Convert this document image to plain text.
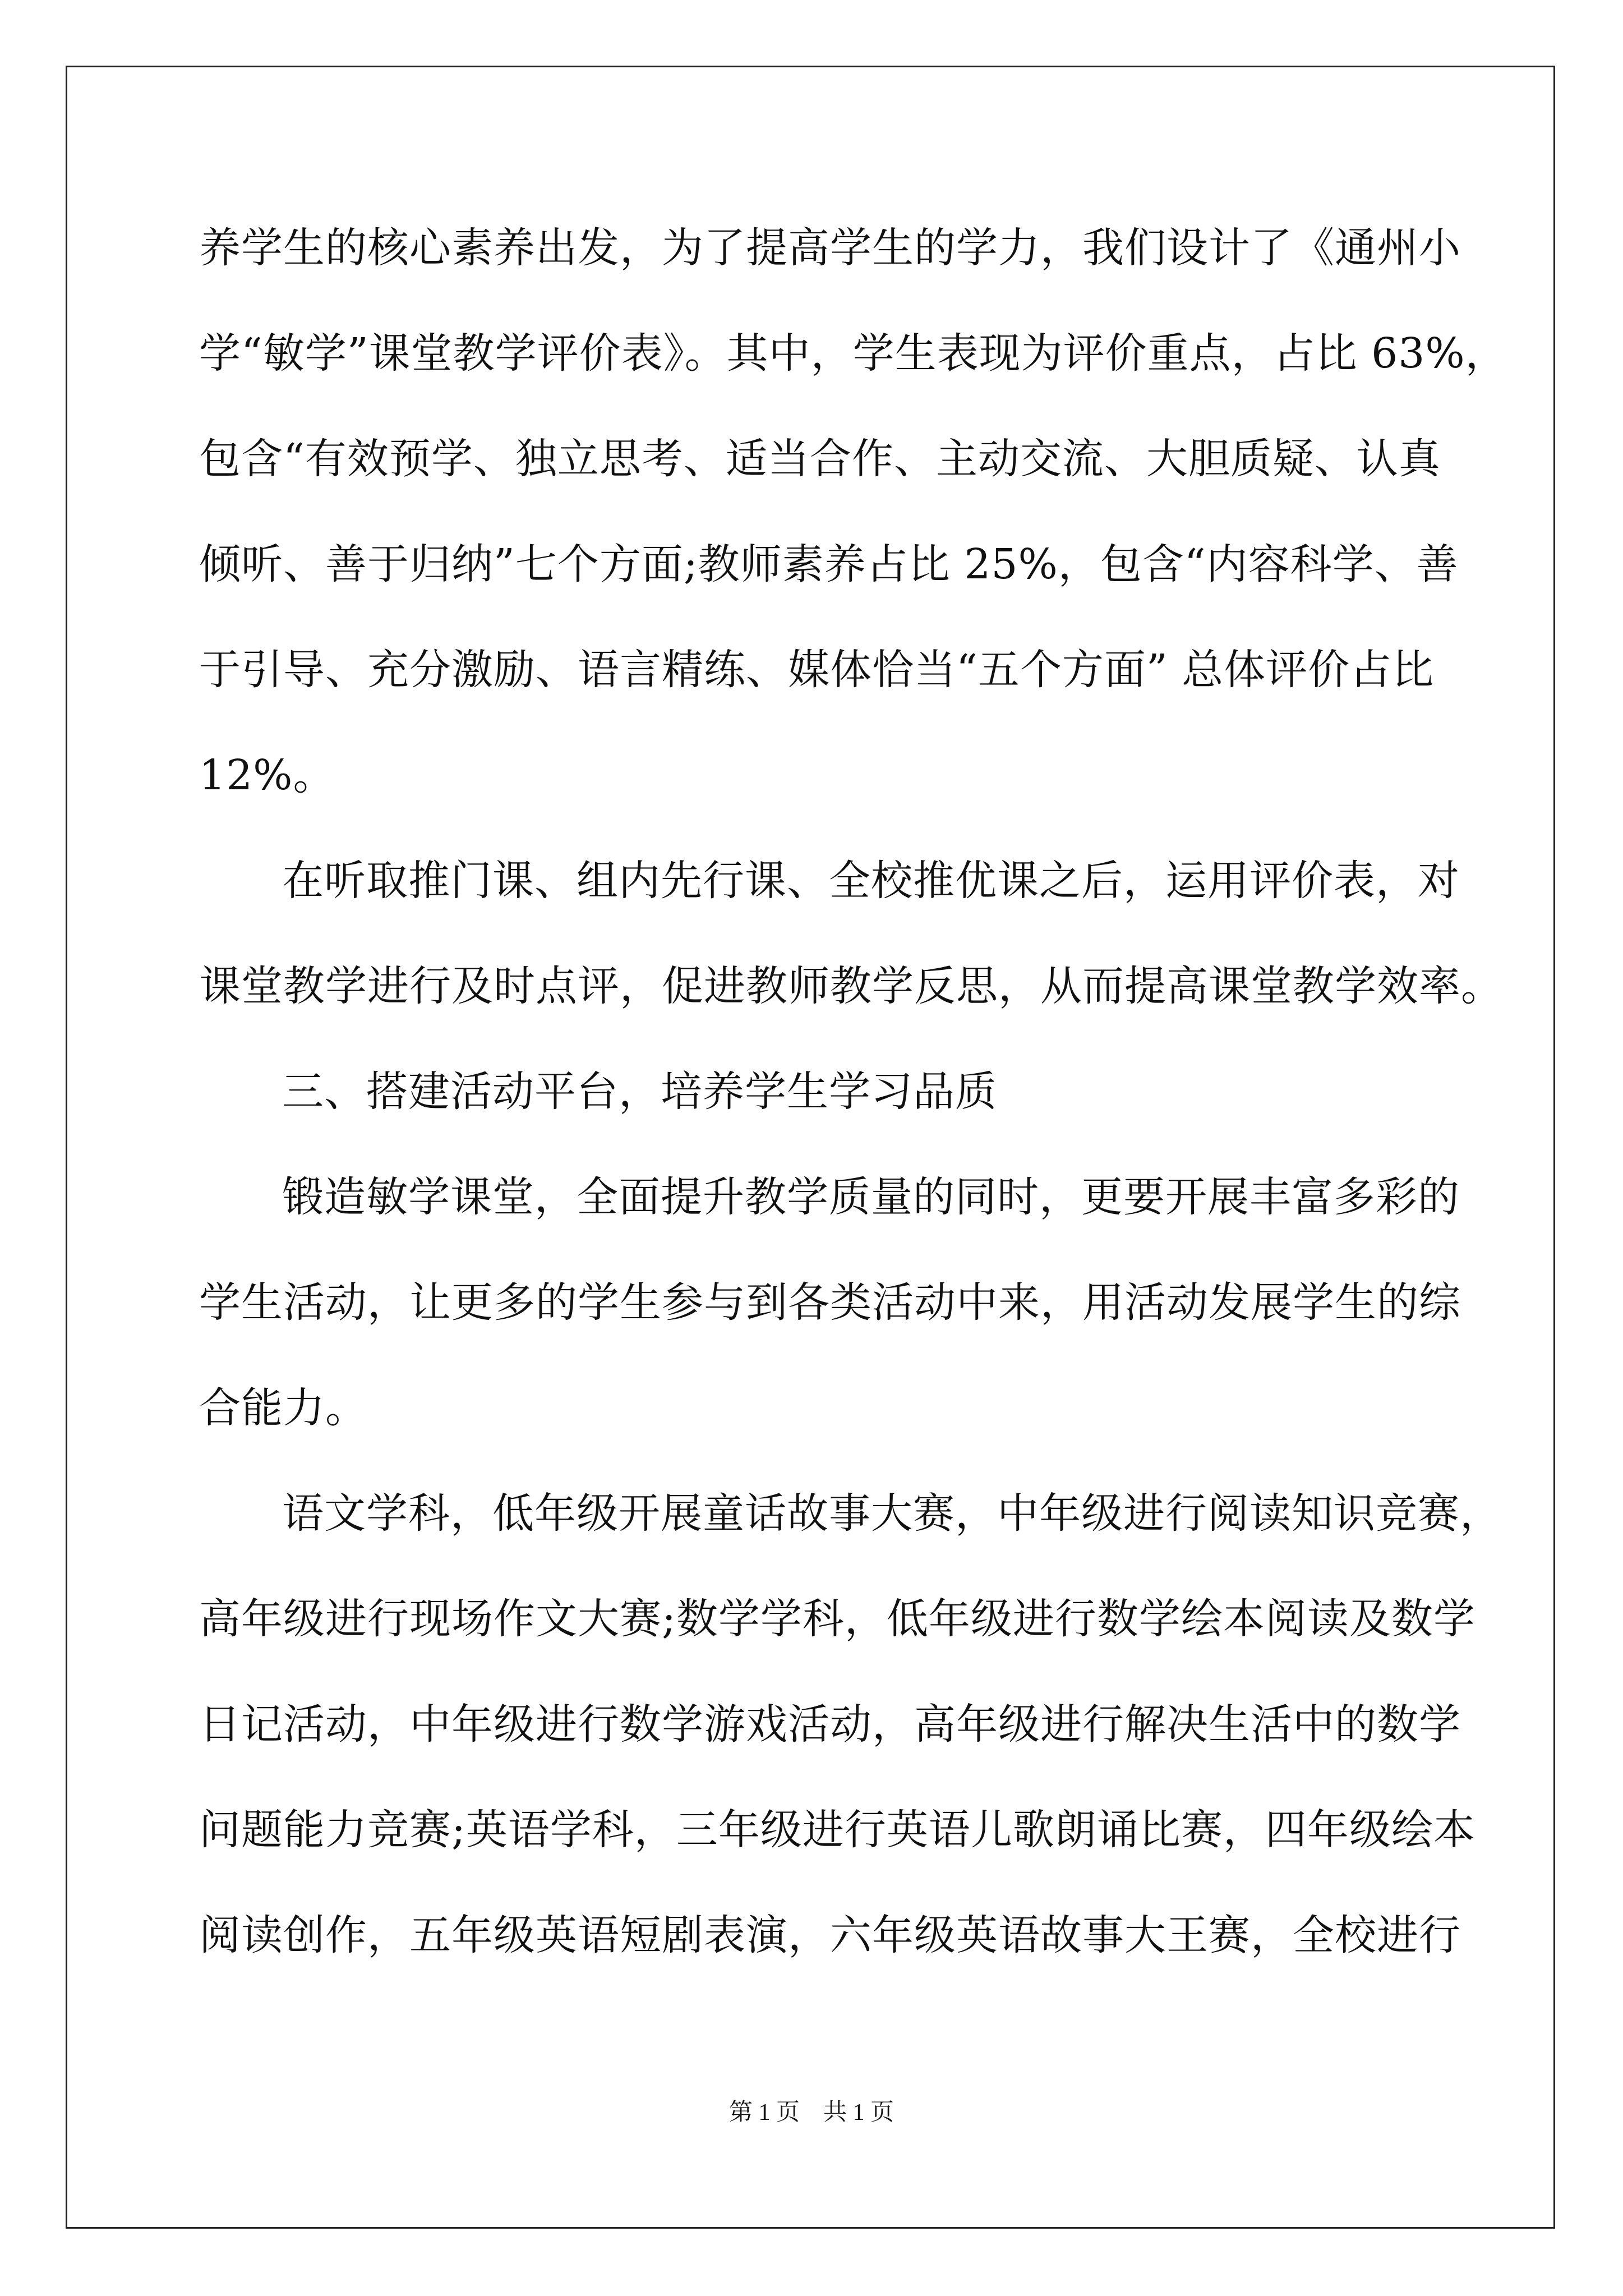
养学生的核心素养出发，为了提高学生的学力，我们设计了《通州小
学“敏学”课堂教学评价表》。其中，学生表现为评价重点，占比 63%，
包含“有效预学、独立思考、适当合作、主动交流、大胆质疑、认真
倾听、善于归纳”七个方面;教师素养占比 25%，包含“内容科学、善
于引导、充分激励、语言精练、媒体恰当“五个方面” 总体评价占比
12%。
在听取推门课、组内先行课、全校推优课之后，运用评价表，对
课堂教学进行及时点评，促进教师教学反思，从而提高课堂教学效率。
三、搭建活动平台，培养学生学习品质
锻造敏学课堂，全面提升教学质量的同时，更要开展丰富多彩的
学生活动，让更多的学生参与到各类活动中来，用活动发展学生的综
合能力。
语文学科，低年级开展童话故事大赛，中年级进行阅读知识竞赛，
高年级进行现场作文大赛;数学学科，低年级进行数学绘本阅读及数学
日记活动，中年级进行数学游戏活动，高年级进行解决生活中的数学
问题能力竞赛;英语学科，三年级进行英语儿歌朗诵比赛，四年级绘本
阅读创作，五年级英语短剧表演，六年级英语故事大王赛，全校进行
第 1 页　共 1 页
